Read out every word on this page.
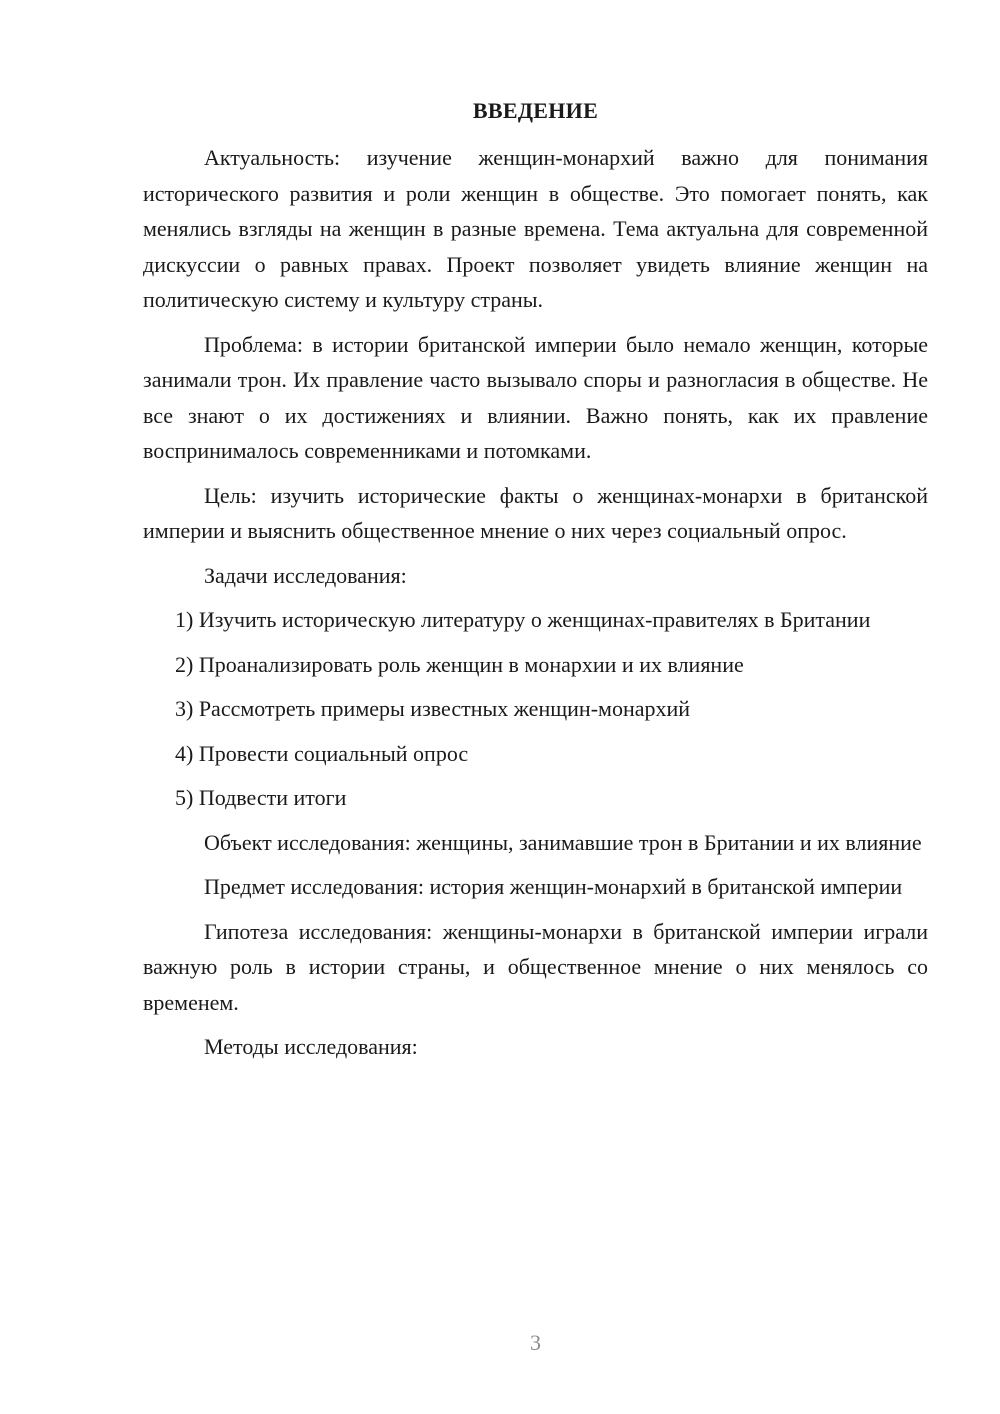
ВВЕДЕНИЕ

Актуальность: изучение женщин-монархий важно для понимания исторического развития и роли женщин в обществе. Это помогает понять, как менялись взгляды на женщин в разные времена. Тема актуальна для современной дискуссии о равных правах. Проект позволяет увидеть влияние женщин на политическую систему и культуру страны.

Проблема: в истории британской империи было немало женщин, которые занимали трон. Их правление часто вызывало споры и разногласия в обществе. Не все знают о их достижениях и влиянии. Важно понять, как их правление воспринималось современниками и потомками.

Цель: изучить исторические факты о женщинах-монархи в британской империи и выяснить общественное мнение о них через социальный опрос.

Задачи исследования:

1) Изучить историческую литературу о женщинах-правителях в Британии

2) Проанализировать роль женщин в монархии и их влияние

3) Рассмотреть примеры известных женщин-монархий

4) Провести социальный опрос

5) Подвести итоги

Объект исследования: женщины, занимавшие трон в Британии и их влияние

Предмет исследования: история женщин-монархий в британской империи

Гипотеза исследования: женщины-монархи в британской империи играли важную роль в истории страны, и общественное мнение о них менялось со временем.

Методы исследования:

3
